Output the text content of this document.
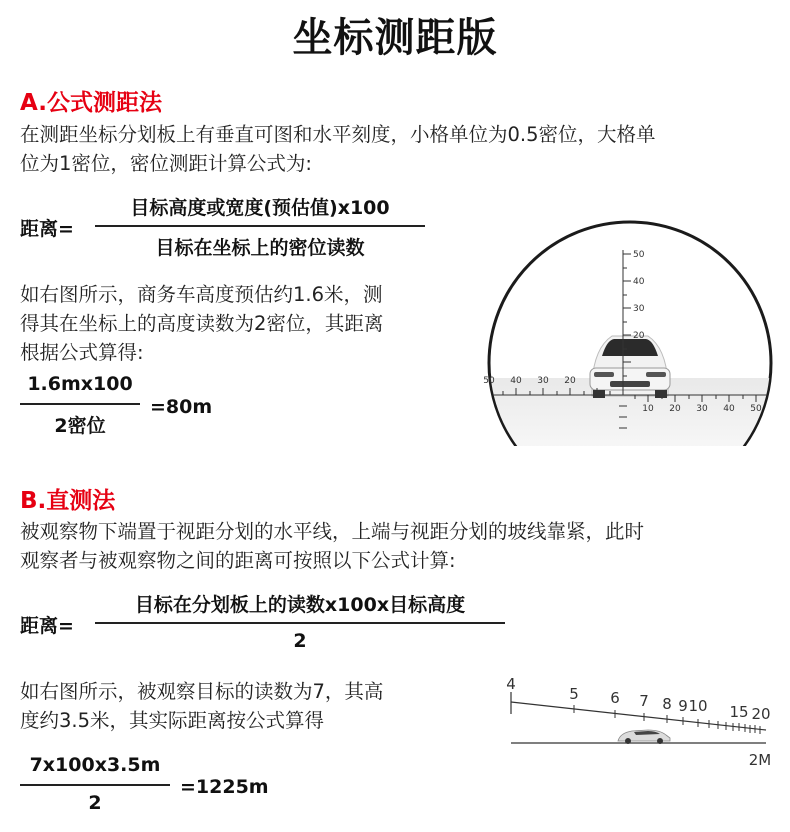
坐标测距版
A.公式测距法
在测距坐标分划板上有垂直可图和水平刻度，小格单位为0.5密位，大格单
位为1密位，密位测距计算公式为:
距离=
目标高度或宽度(预估值)x100
目标在坐标上的密位读数
如右图所示，商务车高度预估约1.6米，测
得其在坐标上的高度读数为2密位，其距离
根据公式算得:
1.6mx100
2密位
=80m
50 40 30 20
10 20 30 40 50
50
40
30
20
B.直测法
被观察物下端置于视距分划的水平线，上端与视距分划的坡线靠紧，此时
观察者与被观察物之间的距离可按照以下公式计算:
距离=
目标在分划板上的读数x100x目标高度
2
如右图所示，被观察目标的读数为7，其高
度约3.5米，其实际距离按公式算得
7x100x3.5m
2
=1225m
4
5 6 7 8 9 10 15 20
2M
